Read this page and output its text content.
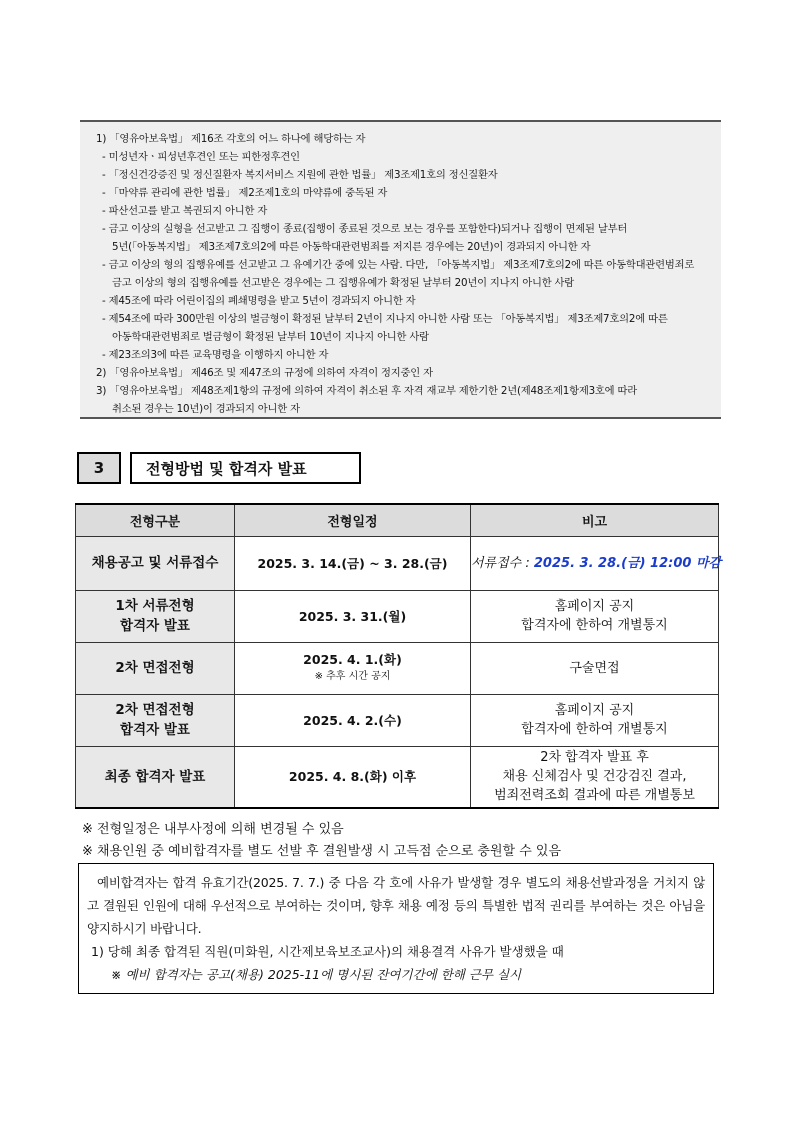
1) 「영유아보육법」 제16조 각호의 어느 하나에 해당하는 자
- 미성년자ㆍ피성년후견인 또는 피한정후견인
- 「정신건강증진 및 정신질환자 복지서비스 지원에 관한 법률」 제3조제1호의 정신질환자
- 「마약류 관리에 관한 법률」 제2조제1호의 마약류에 중독된 자
- 파산선고를 받고 복권되지 아니한 자
- 금고 이상의 실형을 선고받고 그 집행이 종료(집행이 종료된 것으로 보는 경우를 포함한다)되거나 집행이 면제된 날부터
5년(「아동복지법」 제3조제7호의2에 따른 아동학대관련범죄를 저지른 경우에는 20년)이 경과되지 아니한 자
- 금고 이상의 형의 집행유예를 선고받고 그 유예기간 중에 있는 사람. 다만, 「아동복지법」 제3조제7호의2에 따른 아동학대관련범죄로
금고 이상의 형의 집행유예를 선고받은 경우에는 그 집행유예가 확정된 날부터 20년이 지나지 아니한 사람
- 제45조에 따라 어린이집의 폐쇄명령을 받고 5년이 경과되지 아니한 자
- 제54조에 따라 300만원 이상의 벌금형이 확정된 날부터 2년이 지나지 아니한 사람 또는 「아동복지법」 제3조제7호의2에 따른
아동학대관련범죄로 벌금형이 확정된 날부터 10년이 지나지 아니한 사람
- 제23조의3에 따른 교육명령을 이행하지 아니한 자
2) 「영유아보육법」 제46조 및 제47조의 규정에 의하여 자격이 정지중인 자
3) 「영유아보육법」 제48조제1항의 규정에 의하여 자격이 취소된 후 자격 재교부 제한기한 2년(제48조제1항제3호에 따라
취소된 경우는 10년)이 경과되지 아니한 자
3	전형방법 및 합격자 발표
전형구분	전형일정	비고

채용공고 및 서류접수	2025. 3. 14.(금) ~ 3. 28.(금)	서류접수 : 2025. 3. 28.(금) 12:00 마감

1차 서류전형
합격자 발표	2025. 3. 31.(월)	홈페이지 공지
합격자에 한하여 개별통지

2차 면접전형	2025. 4. 1.(화)
※ 추후 시간 공지	구술면접

2차 면접전형
합격자 발표	2025. 4. 2.(수)	홈페이지 공지
합격자에 한하여 개별통지

최종 합격자 발표	2025. 4. 8.(화) 이후	2차 합격자 발표 후
채용 신체검사 및 건강검진 결과,
범죄전력조회 결과에 따른 개별통보
※ 전형일정은 내부사정에 의해 변경될 수 있음
※ 채용인원 중 예비합격자를 별도 선발 후 결원발생 시 고득점 순으로 충원할 수 있음
예비합격자는 합격 유효기간(2025. 7. 7.) 중 다음 각 호에 사유가 발생할 경우 별도의 채용선발과정을 거치지 않고 결원된 인원에 대해 우선적으로 부여하는 것이며, 향후 채용 예정 등의 특별한 법적 권리를 부여하는 것은 아님을 양지하시기 바랍니다.
1) 당해 최종 합격된 직원(미화원, 시간제보육보조교사)의 채용결격 사유가 발생했을 때
※ 예비 합격자는 공고(채용) 2025-11에 명시된 잔여기간에 한해 근무 실시
